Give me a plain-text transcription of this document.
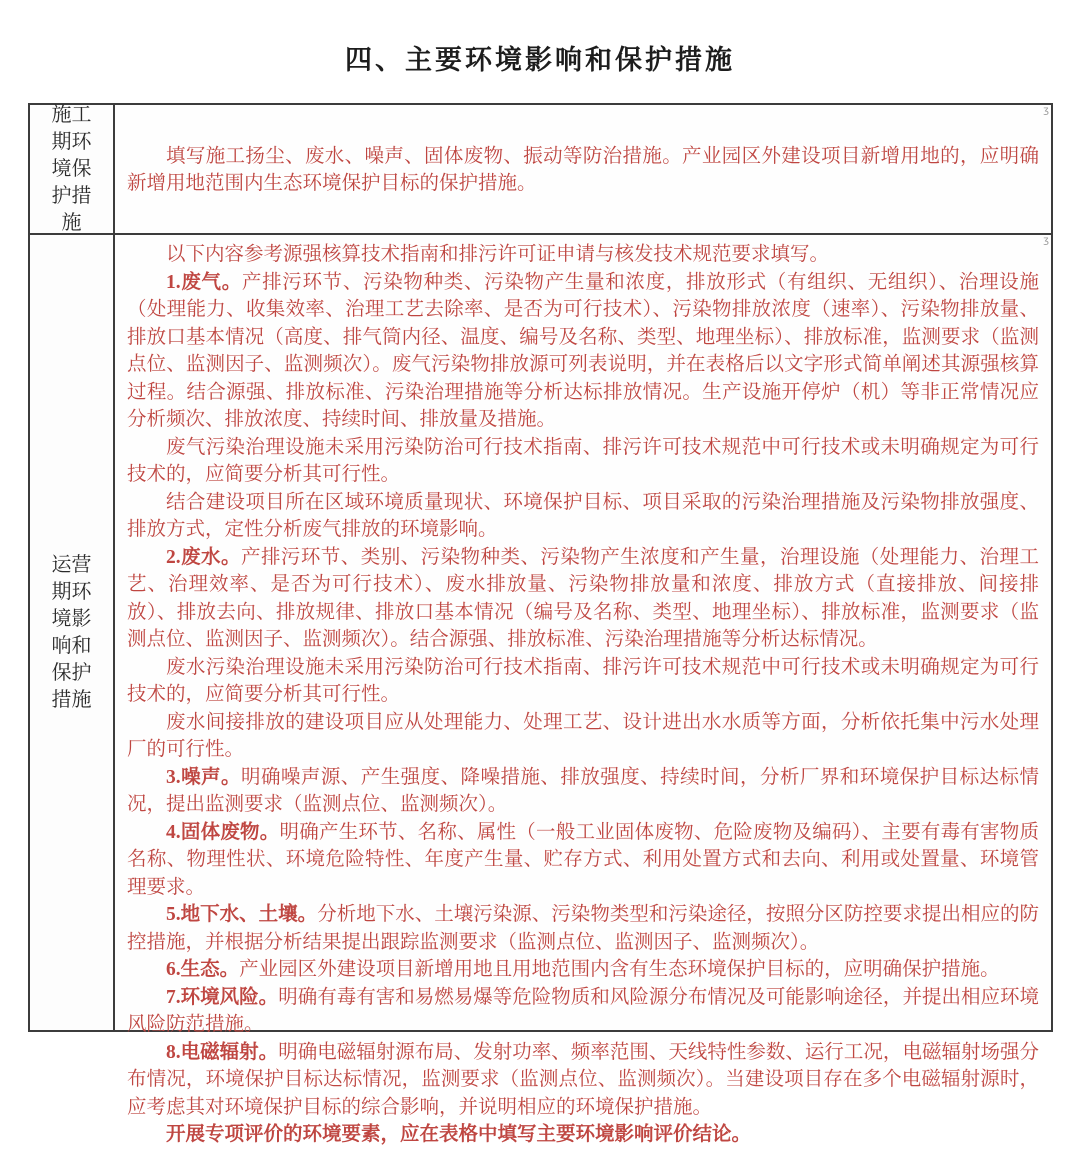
四、主要环境影响和保护措施
施工期环境保护措施
ʒ

填写施工扬尘、废水、噪声、固体废物、振动等防治措施。产业园区外建设项目新增用地的，应明确新增用地范围内生态环境保护目标的保护措施。

运营期环境影响和保护措施
ʒ

以下内容参考源强核算技术指南和排污许可证申请与核发技术规范要求填写。

1.废气。产排污环节、污染物种类、污染物产生量和浓度，排放形式（有组织、无组织）、治理设施（处理能力、收集效率、治理工艺去除率、是否为可行技术）、污染物排放浓度（速率）、污染物排放量、排放口基本情况（高度、排气筒内径、温度、编号及名称、类型、地理坐标）、排放标准，监测要求（监测点位、监测因子、监测频次）。废气污染物排放源可列表说明，并在表格后以文字形式简单阐述其源强核算过程。结合源强、排放标准、污染治理措施等分析达标排放情况。生产设施开停炉（机）等非正常情况应分析频次、排放浓度、持续时间、排放量及措施。

废气污染治理设施未采用污染防治可行技术指南、排污许可技术规范中可行技术或未明确规定为可行技术的，应简要分析其可行性。

结合建设项目所在区域环境质量现状、环境保护目标、项目采取的污染治理措施及污染物排放强度、排放方式，定性分析废气排放的环境影响。

2.废水。产排污环节、类别、污染物种类、污染物产生浓度和产生量，治理设施（处理能力、治理工艺、治理效率、是否为可行技术）、废水排放量、污染物排放量和浓度、排放方式（直接排放、间接排放）、排放去向、排放规律、排放口基本情况（编号及名称、类型、地理坐标）、排放标准，监测要求（监测点位、监测因子、监测频次）。结合源强、排放标准、污染治理措施等分析达标情况。

废水污染治理设施未采用污染防治可行技术指南、排污许可技术规范中可行技术或未明确规定为可行技术的，应简要分析其可行性。

废水间接排放的建设项目应从处理能力、处理工艺、设计进出水水质等方面，分析依托集中污水处理厂的可行性。

3.噪声。明确噪声源、产生强度、降噪措施、排放强度、持续时间，分析厂界和环境保护目标达标情况，提出监测要求（监测点位、监测频次）。

4.固体废物。明确产生环节、名称、属性（一般工业固体废物、危险废物及编码）、主要有毒有害物质名称、物理性状、环境危险特性、年度产生量、贮存方式、利用处置方式和去向、利用或处置量、环境管理要求。

5.地下水、土壤。分析地下水、土壤污染源、污染物类型和污染途径，按照分区防控要求提出相应的防控措施，并根据分析结果提出跟踪监测要求（监测点位、监测因子、监测频次）。

6.生态。产业园区外建设项目新增用地且用地范围内含有生态环境保护目标的，应明确保护措施。

7.环境风险。明确有毒有害和易燃易爆等危险物质和风险源分布情况及可能影响途径，并提出相应环境风险防范措施。

8.电磁辐射。明确电磁辐射源布局、发射功率、频率范围、天线特性参数、运行工况，电磁辐射场强分布情况，环境保护目标达标情况，监测要求（监测点位、监测频次）。当建设项目存在多个电磁辐射源时，应考虑其对环境保护目标的综合影响，并说明相应的环境保护措施。

开展专项评价的环境要素，应在表格中填写主要环境影响评价结论。
